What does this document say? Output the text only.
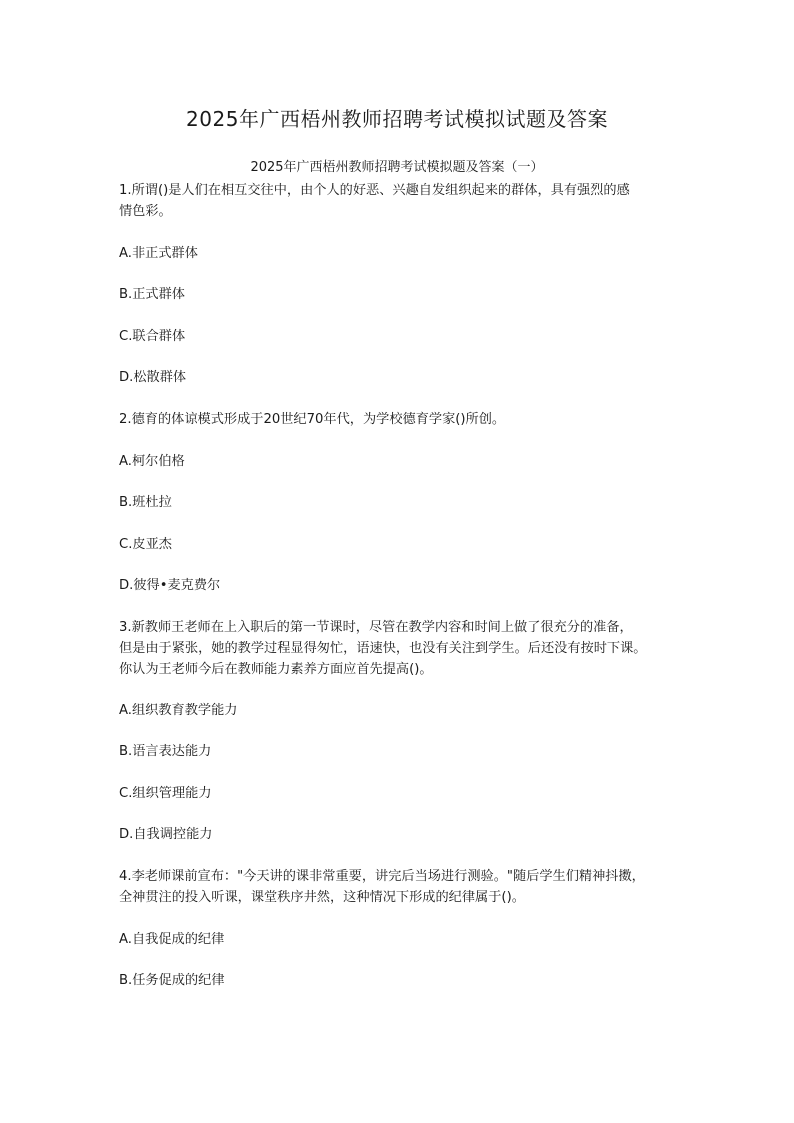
2025年广西梧州教师招聘考试模拟试题及答案
2025年广西梧州教师招聘考试模拟题及答案（一）
1.所谓()是人们在相互交往中，由个人的好恶、兴趣自发组织起来的群体，具有强烈的感
情色彩。
A.非正式群体
B.正式群体
C.联合群体
D.松散群体
2.德育的体谅模式形成于20世纪70年代，为学校德育学家()所创。
A.柯尔伯格
B.班杜拉
C.皮亚杰
D.彼得•麦克费尔
3.新教师王老师在上入职后的第一节课时，尽管在教学内容和时间上做了很充分的准备，
但是由于紧张，她的教学过程显得匆忙，语速快，也没有关注到学生。后还没有按时下课。
你认为王老师今后在教师能力素养方面应首先提高()。
A.组织教育教学能力
B.语言表达能力
C.组织管理能力
D.自我调控能力
4.李老师课前宣布："今天讲的课非常重要，讲完后当场进行测验。"随后学生们精神抖擞，
全神贯注的投入听课，课堂秩序井然，这种情况下形成的纪律属于()。
A.自我促成的纪律
B.任务促成的纪律
